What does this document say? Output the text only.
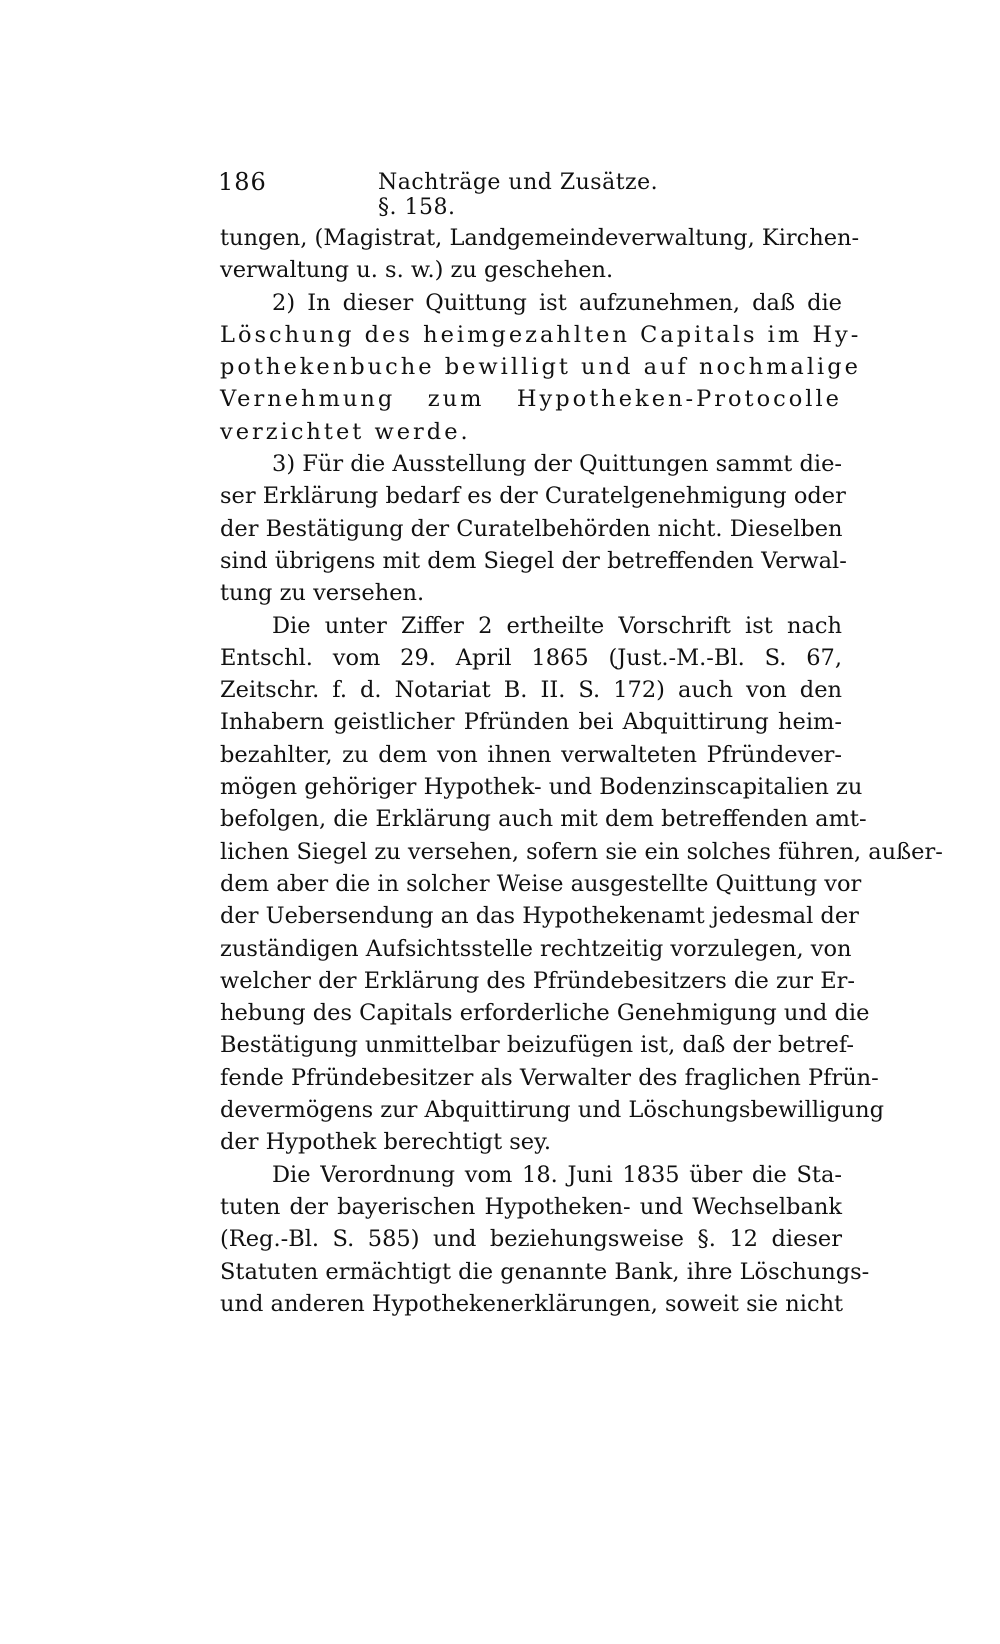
186	Nachträge und Zusätze. §. 158.
tungen, (Magistrat, Landgemeindeverwaltung, Kirchen-
verwaltung u. s. w.) zu geschehen.
2) In dieser Quittung ist aufzunehmen, daß die
Löschung des heimgezahlten Capitals im Hy-
pothekenbuche bewilligt und auf nochmalige
Vernehmung zum Hypotheken-Protocolle
verzichtet werde.
3) Für die Ausstellung der Quittungen sammt die-
ser Erklärung bedarf es der Curatelgenehmigung oder
der Bestätigung der Curatelbehörden nicht. Dieselben
sind übrigens mit dem Siegel der betreffenden Verwal-
tung zu versehen.
Die unter Ziffer 2 ertheilte Vorschrift ist nach
Entschl. vom 29. April 1865 (Just.-M.-Bl. S. 67,
Zeitschr. f. d. Notariat B. II. S. 172) auch von den
Inhabern geistlicher Pfründen bei Abquittirung heim-
bezahlter, zu dem von ihnen verwalteten Pfründever-
mögen gehöriger Hypothek- und Bodenzinscapitalien zu
befolgen, die Erklärung auch mit dem betreffenden amt-
lichen Siegel zu versehen, sofern sie ein solches führen, außer-
dem aber die in solcher Weise ausgestellte Quittung vor
der Uebersendung an das Hypothekenamt jedesmal der
zuständigen Aufsichtsstelle rechtzeitig vorzulegen, von
welcher der Erklärung des Pfründebesitzers die zur Er-
hebung des Capitals erforderliche Genehmigung und die
Bestätigung unmittelbar beizufügen ist, daß der betref-
fende Pfründebesitzer als Verwalter des fraglichen Pfrün-
devermögens zur Abquittirung und Löschungsbewilligung
der Hypothek berechtigt sey.
Die Verordnung vom 18. Juni 1835 über die Sta-
tuten der bayerischen Hypotheken- und Wechselbank
(Reg.-Bl. S. 585) und beziehungsweise §. 12 dieser
Statuten ermächtigt die genannte Bank, ihre Löschungs-
und anderen Hypothekenerklärungen, soweit sie nicht
